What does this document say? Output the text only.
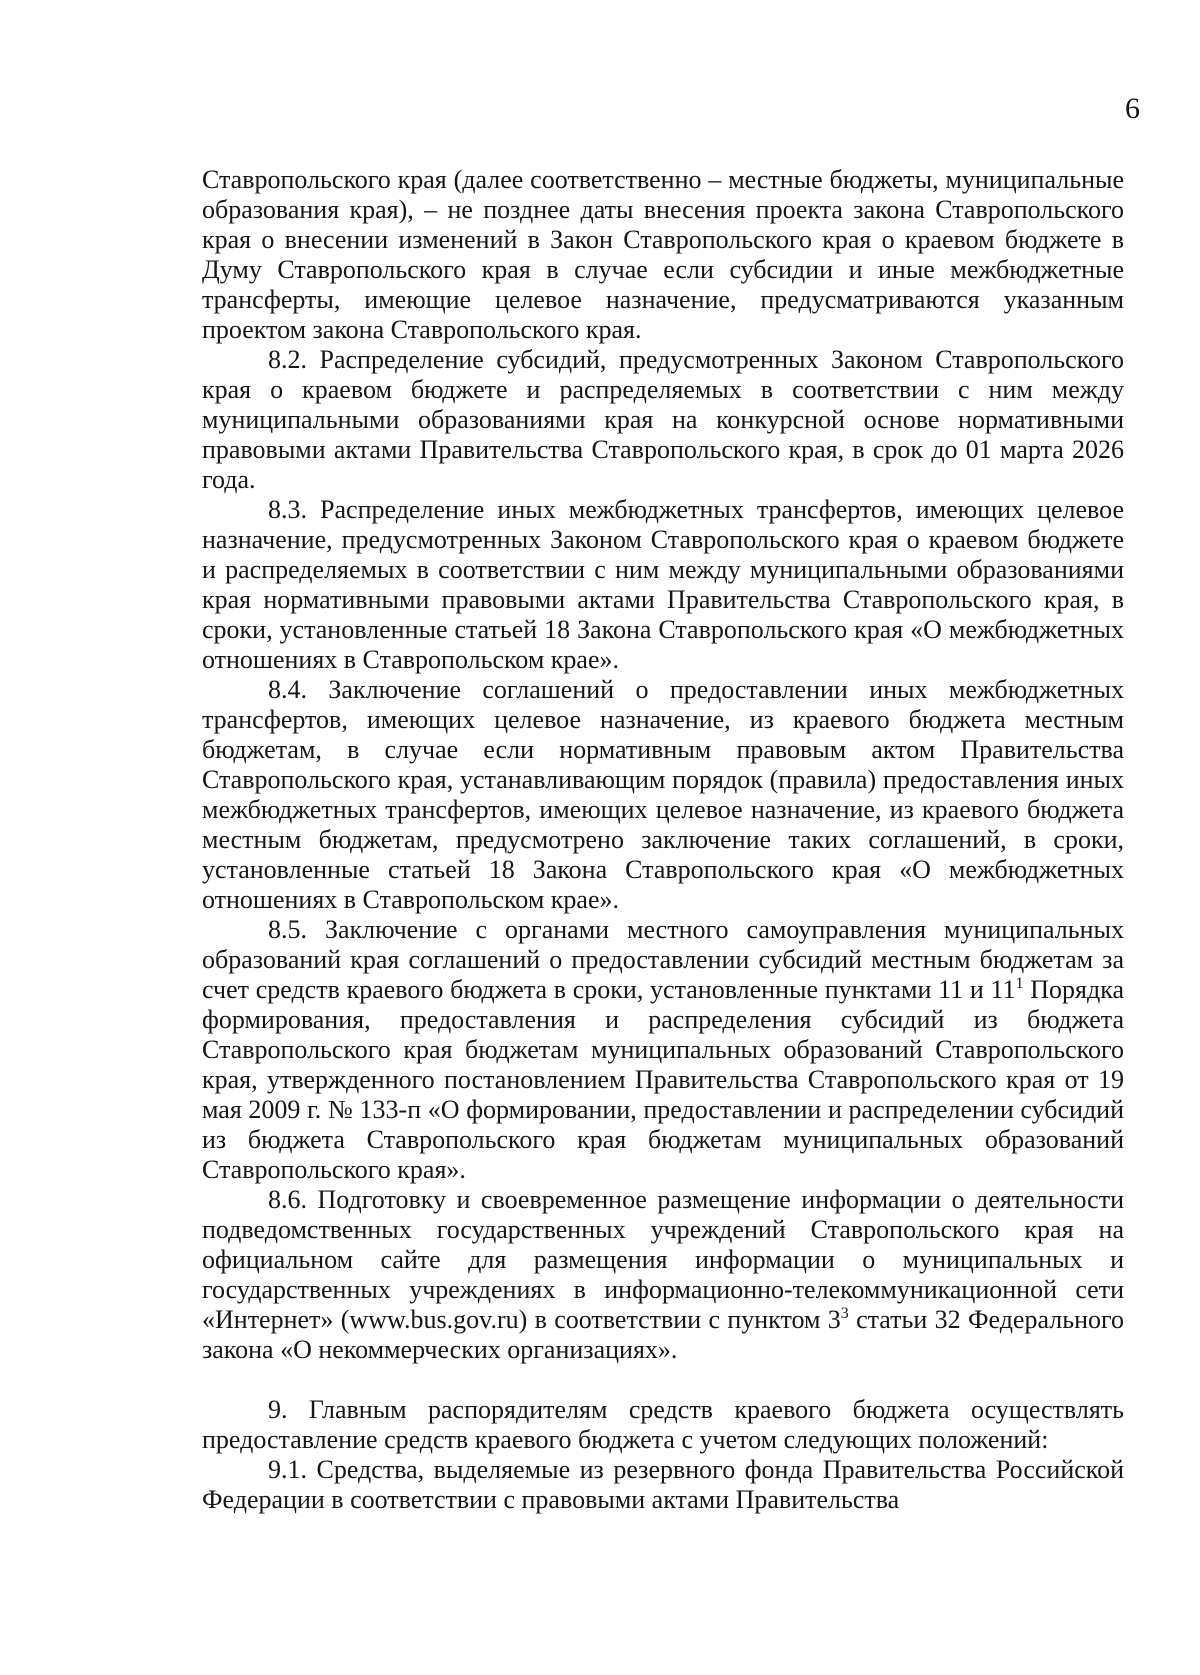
6

Ставропольского края (далее соответственно – местные бюджеты, муниципальные образования края), – не позднее даты внесения проекта закона Ставропольского края о внесении изменений в Закон Ставропольского края о краевом бюджете в Думу Ставропольского края в случае если субсидии и иные межбюджетные трансферты, имеющие целевое назначение, предусматриваются указанным проектом закона Ставропольского края.

8.2. Распределение субсидий, предусмотренных Законом Ставропольского края о краевом бюджете и распределяемых в соответствии с ним между муниципальными образованиями края на конкурсной основе нормативными правовыми актами Правительства Ставропольского края, в срок до 01 марта 2026 года.

8.3. Распределение иных межбюджетных трансфертов, имеющих целевое назначение, предусмотренных Законом Ставропольского края о краевом бюджете и распределяемых в соответствии с ним между муниципальными образованиями края нормативными правовыми актами Правительства Ставропольского края, в сроки, установленные статьей 18 Закона Ставропольского края «О межбюджетных отношениях в Ставропольском крае».

8.4. Заключение соглашений о предоставлении иных межбюджетных трансфертов, имеющих целевое назначение, из краевого бюджета местным бюджетам, в случае если нормативным правовым актом Правительства Ставропольского края, устанавливающим порядок (правила) предоставления иных межбюджетных трансфертов, имеющих целевое назначение, из краевого бюджета местным бюджетам, предусмотрено заключение таких соглашений, в сроки, установленные статьей 18 Закона Ставропольского края «О межбюджетных отношениях в Ставропольском крае».

8.5. Заключение с органами местного самоуправления муниципальных образований края соглашений о предоставлении субсидий местным бюджетам за счет средств краевого бюджета в сроки, установленные пунктами 11 и $11^1$ Порядка формирования, предоставления и распределения субсидий из бюджета Ставропольского края бюджетам муниципальных образований Ставропольского края, утвержденного постановлением Правительства Ставропольского края от 19 мая 2009 г. № 133-п «О формировании, предоставлении и распределении субсидий из бюджета Ставропольского края бюджетам муниципальных образований Ставропольского края».

8.6. Подготовку и своевременное размещение информации о деятельности подведомственных государственных учреждений Ставропольского края на официальном сайте для размещения информации о муниципальных и государственных учреждениях в информационно-телекоммуникационной сети «Интернет» (www.bus.gov.ru) в соответствии с пунктом $3^3$ статьи 32 Федерального закона «О некоммерческих организациях».

9. Главным распорядителям средств краевого бюджета осуществлять предоставление средств краевого бюджета с учетом следующих положений:

9.1. Средства, выделяемые из резервного фонда Правительства Российской Федерации в соответствии с правовыми актами Правительства
